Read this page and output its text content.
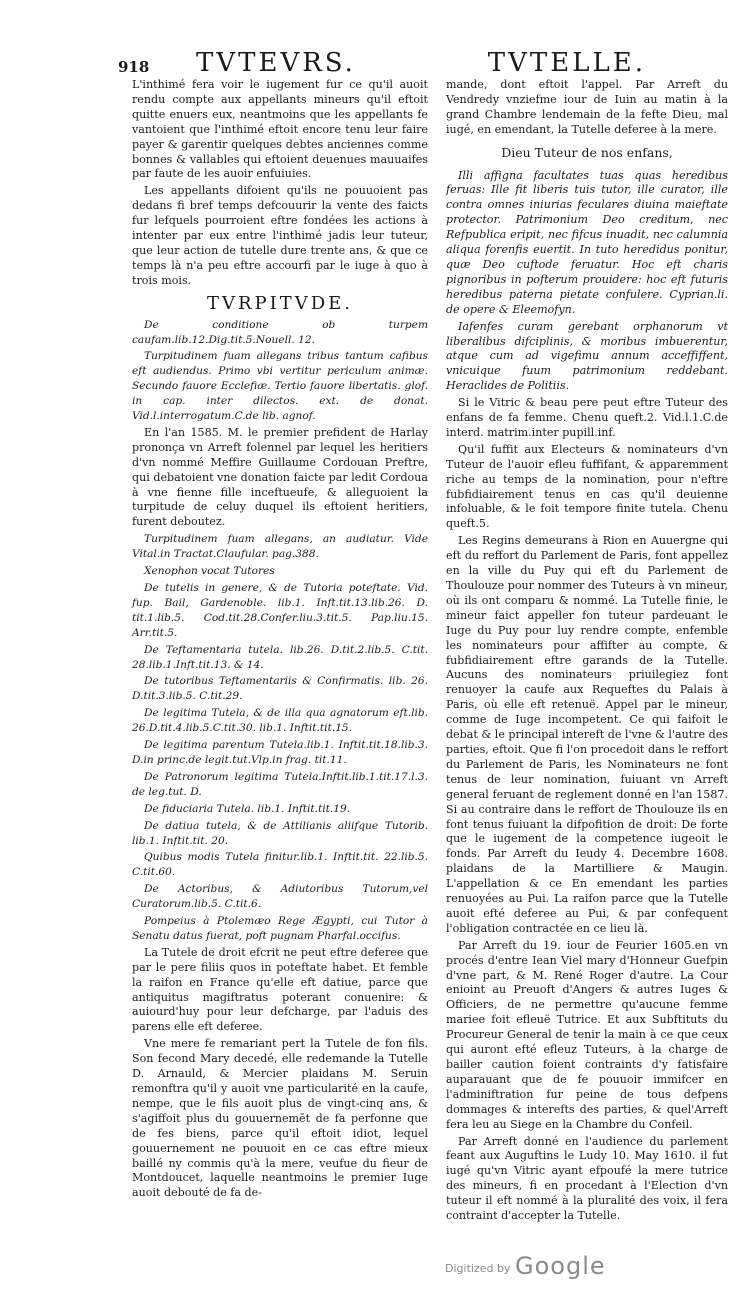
918 TVTEVRS.	TVTELLE.

L'inthimé fera voir le iugement fur ce qu'il auoit rendu compte aux appellants mineurs qu'il eftoit quitte enuers eux, neantmoins que les appellants fe vantoient que l'inthimé eftoit encore tenu leur faire payer & garentir quelques debtes anciennes comme bonnes & vallables qui eftoient deuenues mauuaifes par faute de les auoir enfuiuies.

Les appellants difoient qu'ils ne pouuoient pas dedans fi bref temps defcouurir la vente des faicts fur lefquels pourroient eftre fondées les actions à intenter par eux entre l'inthimé jadis leur tuteur, que leur action de tutelle dure trente ans, & que ce temps là n'a peu eftre accourfi par le iuge à quo à trois mois.

TVRPITVDE.

De conditione ob turpem caufam.lib.12.Dig.tit.5.Nouell. 12.

Turpitudinem fuam allegans tribus tantum cafibus eft audiendus. Primo vbi vertitur periculum animæ. Secundo fauore Ecclefiæ. Tertio fauore libertatis. glof. in cap. inter dilectos. ext. de donat. Vid.l.interrogatum.C.de lib. agnof.

En l'an 1585. M. le premier prefident de Harlay prononça vn Arreft folennel par lequel les heritiers d'vn nommé Meffire Guillaume Cordouan Preftre, qui debatoient vne donation faicte par ledit Cordoua à vne fienne fille inceftueufe, & alleguoient la turpitude de celuy duquel ils eftoient heritiers, furent deboutez.

Turpitudinem fuam allegans, an audiatur. Vide Vital.in Tractat.Claufular. pag.388.

Xenophon vocat Tutores

De tutelis in genere, & de Tutoria poteftate. Vid. fup. Bail, Gardenoble. lib.1. Inft.tit.13.lib.26. D. tit.1.lib.5. Cod.tit.28.Confer.liu.3.tit.5. Pap.liu.15. Arr.tit.5.

De Teftamentaria tutela. lib.26. D.tit.2.lib.5. C.tit. 28.lib.1.Inft.tit.13. & 14.

De tutoribus Teftamentariis & Confirmatis. lib. 26. D.tit.3.lib.5. C.tit.29.

De legitima Tutela, & de illa qua agnatorum eft.lib. 26.D.tit.4.lib.5.C.tit.30. lib.1. Inftit.tit.15.

De legitima parentum Tutela.lib.1. Inftit.tit.18.lib.3. D.in princ.de legit.tut.Vlp.in frag. tit.11.

De Patronorum legitima Tutela.Inftit.lib.1.tit.17.l.3. de leg.tut. D.

De fiduciaria Tutela. lib.1. Inftit.tit.19.

De datiua tutela, & de Attilianis aliifque Tutorib. lib.1. Inftit.tit. 20.

Quibus modis Tutela finitur.lib.1. Inftit.tit. 22.lib.5. C.tit.60.

De Actoribus, & Adiutoribus Tutorum,vel Curatorum.lib.5. C.tit.6.

Pompeius à Ptolemæo Rege Ægypti, cui Tutor à Senatu datus fuerat, poft pugnam Pharfal.occifus.

La Tutele de droit efcrit ne peut eftre deferee que par le pere filiis quos in poteftate habet. Et femble la raifon en France qu'elle eft datiue, parce que antiquitus magiftratus poterant conuenire: & auiourd'huy pour leur defcharge, par l'aduis des parens elle eft deferee.

Vne mere fe remariant pert la Tutele de fon fils. Son fecond Mary decedé, elle redemande la Tutelle D. Arnauld, & Mercier plaidans M. Seruin remonftra qu'il y auoit vne particularité en la caufe, nempe, que le fils auoit plus de vingt-cinq ans, & s'agiffoit plus du gouuernemēt de fa perfonne que de fes biens, parce qu'il eftoit idiot, lequel gouuernement ne pouuoit en ce cas eftre mieux baillé ny commis qu'à la mere, veufue du fieur de Montdoucet, laquelle neantmoins le premier Iuge auoit debouté de fa de-

mande, dont eftoit l'appel. Par Arreft du Vendredy vnziefme iour de Iuin au matin à la grand Chambre lendemain de la fefte Dieu, mal iugé, en emendant, la Tutelle deferee à la mere.

Dieu Tuteur de nos enfans,

Illi affigna facultates tuas quas heredibus feruas: Ille fit liberis tuis tutor, ille curator, ille contra omnes iniurias feculares diuina maieftate protector. Patrimonium Deo creditum, nec Refpublica eripit, nec fifcus inuadit, nec calumnia aliqua forenfis euertit. In tuto heredidus ponitur, quæ Deo cuftode feruatur. Hoc eft charis pignoribus in pofterum prouidere: hoc eft futuris heredibus paterna pietate confulere. Cyprian.li. de opere & Eleemofyn.

Iafenfes curam gerebant orphanorum vt liberalibus difciplinis, & moribus imbuerentur, atque cum ad vigefimu annum acceffiffent, vnicuique fuum patrimonium reddebant. Heraclides de Politiis.

Si le Vitric & beau pere peut eftre Tuteur des enfans de fa femme. Chenu queft.2. Vid.l.1.C.de interd. matrim.inter pupill.inf.

Qu'il fuffit aux Electeurs & nominateurs d'vn Tuteur de l'auoir efleu fuffifant, & apparemment riche au temps de la nomination, pour n'eftre fubfidiairement tenus en cas qu'il deuienne infoluable, & le foit tempore finite tutela. Chenu queft.5.

Les Regins demeurans à Rion en Auuergne qui eft du reffort du Parlement de Paris, font appellez en la ville du Puy qui eft du Parlement de Thoulouze pour nommer des Tuteurs à vn mineur, où ils ont comparu & nommé. La Tutelle finie, le mineur faict appeller fon tuteur pardeuant le Iuge du Puy pour luy rendre compte, enfemble les nominateurs pour affifter au compte, & fubfidiairement eftre garands de la Tutelle. Aucuns des nominateurs priuilegiez font renuoyer la caufe aux Requeftes du Palais à Paris, où elle eft retenuë. Appel par le mineur, comme de Iuge incompetent. Ce qui faifoit le debat & le principal intereft de l'vne & l'autre des parties, eftoit. Que fi l'on procedoit dans le reffort du Parlement de Paris, les Nominateurs ne font tenus de leur nomination, fuiuant vn Arreft general feruant de reglement donné en l'an 1587. Si au contraire dans le reffort de Thoulouze ils en font tenus fuiuant la difpofition de droit: De forte que le iugement de la competence iugeoit le fonds. Par Arreft du Ieudy 4. Decembre 1608. plaidans de la Martilliere & Maugin. L'appellation & ce En emendant les parties renuoyées au Pui. La raifon parce que la Tutelle auoit efté deferee au Pui, & par confequent l'obligation contractée en ce lieu là.

Par Arreft du 19. iour de Feurier 1605.en vn procés d'entre Iean Viel mary d'Honneur Guefpin d'vne part, & M. René Roger d'autre. La Cour enioint au Preuoft d'Angers & autres Iuges & Officiers, de ne permettre qu'aucune femme mariee foit efleuë Tutrice. Et aux Subftituts du Procureur General de tenir la main à ce que ceux qui auront efté efleuz Tuteurs, à la charge de bailler caution foient contraints d'y fatisfaire auparauant que de fe pouuoir immifcer en l'adminiftration fur peine de tous defpens dommages & interefts des parties, & quel'Arreft fera leu au Siege en la Chambre du Confeil.

Par Arreft donné en l'audience du parlement feant aux Auguftins le Ludy 10. May 1610. il fut iugé qu'vn Vitric ayant efpoufé la mere tutrice des mineurs, fi en procedant à l'Election d'vn tuteur il eft nommé à la pluralité des voix, il fera contraint d'accepter la Tutelle.

Digitized by Google
